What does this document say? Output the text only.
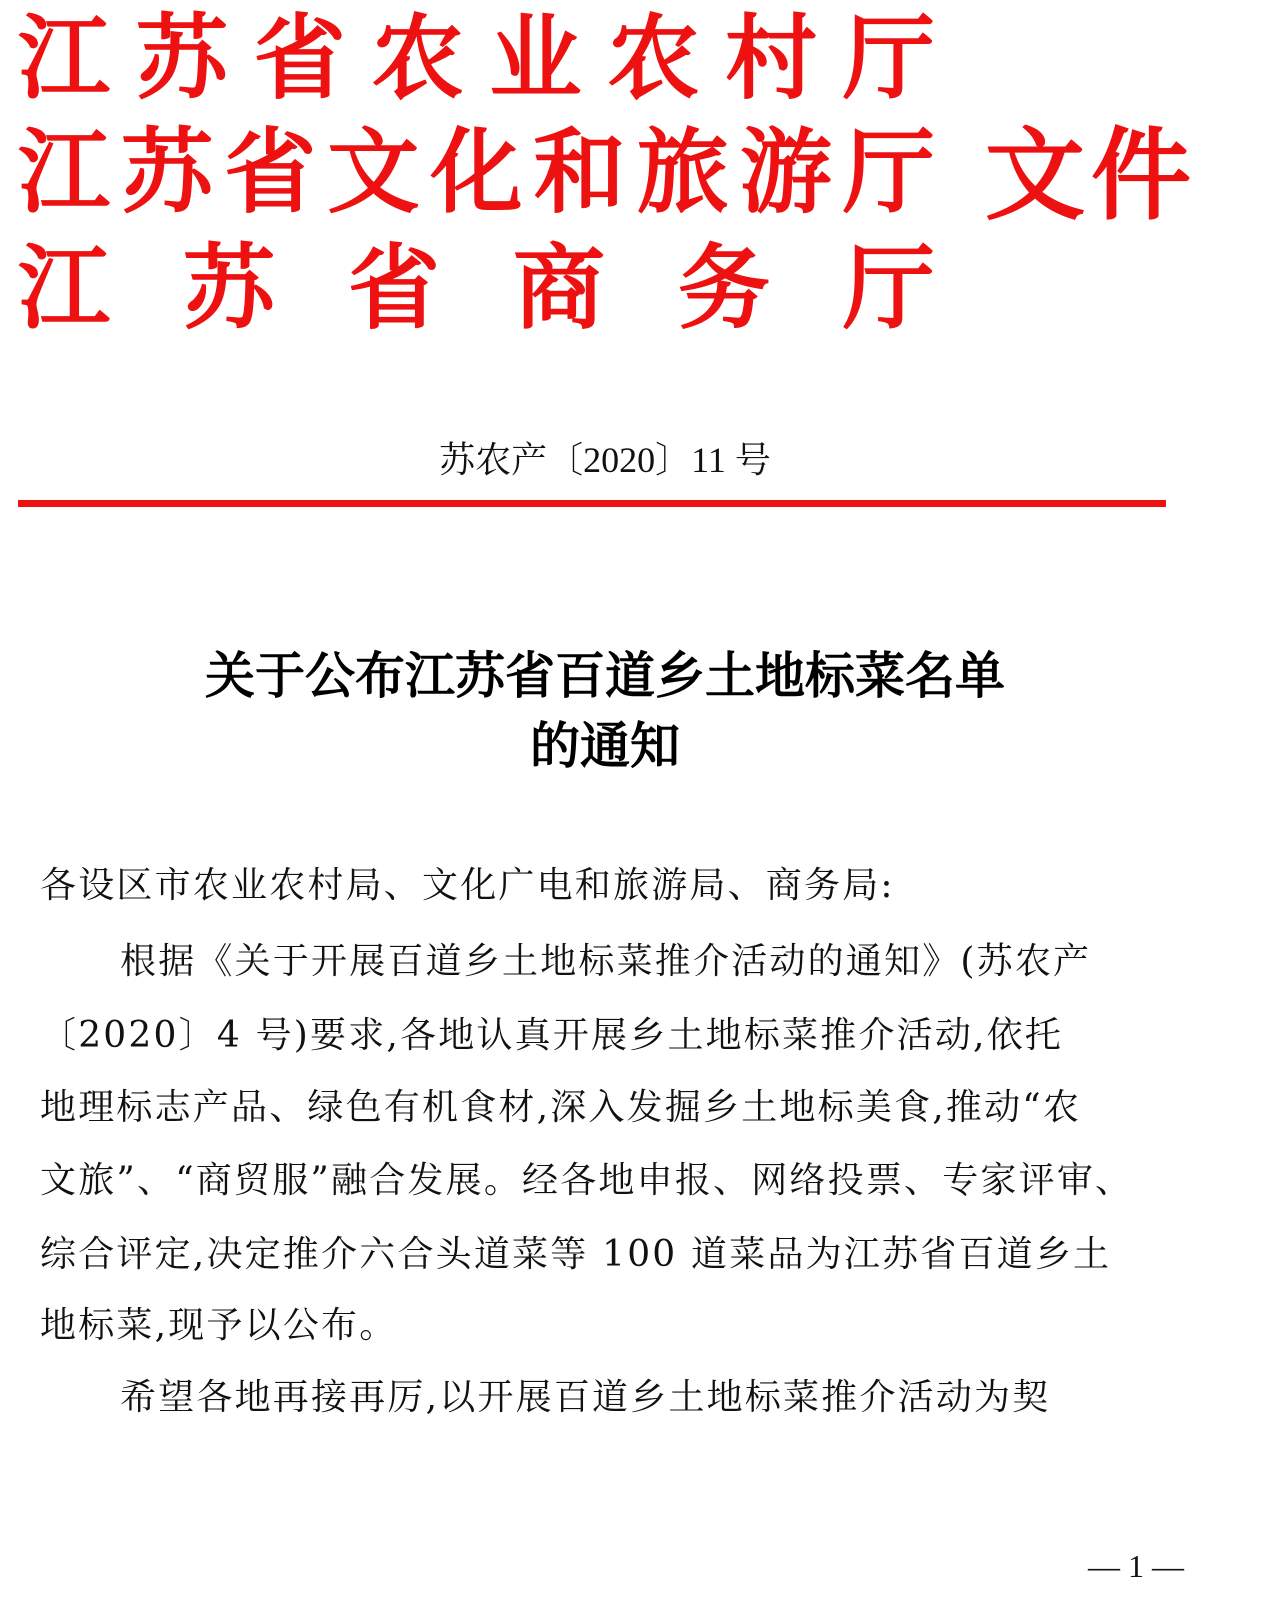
江 苏 省 农 业 农 村 厅
江 苏 省 文 化 和 旅 游 厅 文件
江 苏 省 商 务 厅
苏农产〔2020〕11 号
关于公布江苏省百道乡土地标菜名单
的通知
各设区市农业农村局、文化广电和旅游局、商务局:
根据《关于开展百道乡土地标菜推介活动的通知》(苏农产
〔2020〕4 号)要求,各地认真开展乡土地标菜推介活动,依托
地理标志产品、绿色有机食材,深入发掘乡土地标美食,推动“农
文旅”、“商贸服”融合发展。经各地申报、网络投票、专家评审、
综合评定,决定推介六合头道菜等 100 道菜品为江苏省百道乡土
地标菜,现予以公布。
希望各地再接再厉,以开展百道乡土地标菜推介活动为契
— 1 —
